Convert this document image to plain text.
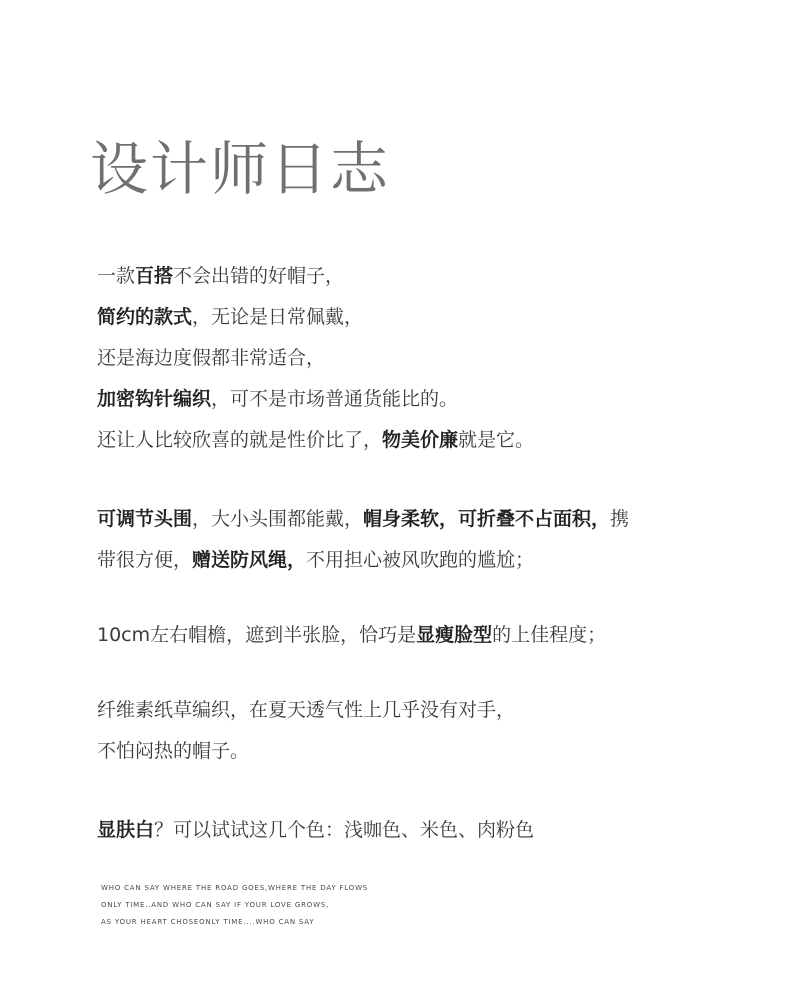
设计师日志
一款百搭不会出错的好帽子，
简约的款式，无论是日常佩戴，
还是海边度假都非常适合，
加密钩针编织，可不是市场普通货能比的。
还让人比较欣喜的就是性价比了，物美价廉就是它。
可调节头围，大小头围都能戴，帽身柔软，可折叠不占面积，携
带很方便，赠送防风绳，不用担心被风吹跑的尴尬；
10cm左右帽檐，遮到半张脸，恰巧是显瘦脸型的上佳程度；
纤维素纸草编织，在夏天透气性上几乎没有对手，
不怕闷热的帽子。
显肤白？可以试试这几个色：浅咖色、米色、肉粉色
WHO CAN SAY WHERE THE ROAD GOES,WHERE THE DAY FLOWS
ONLY TIME..AND WHO CAN SAY IF YOUR LOVE GROWS,
AS YOUR HEART CHOSEONLY TIME....WHO CAN SAY
